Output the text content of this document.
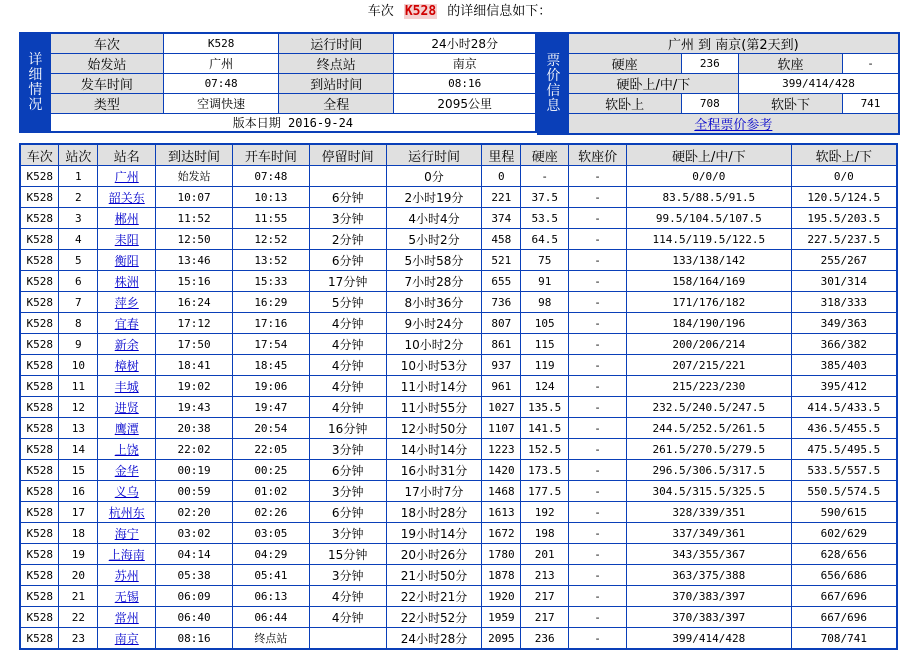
车次 K528 的详细信息如下：
详
细
情
况	车次	K528	运行时间	24小时28分
	始发站	广州	终点站	南京
	发车时间	07:48	到站时间	08:16
	类型	空调快速	全程	2095公里
	版本日期 2016-9-24			
票
价
信
息	广州 到 南京(第2天到)			
	硬座	236	软座	-
	硬卧上/中/下		399/414/428	
	软卧上	708	软卧下	741
	全程票价参考			
车次	站次	站名	到达时间	开车时间	停留时间	运行时间	里程	硬座	软座价	硬卧上/中/下	软卧上/下
K528	1	广州	始发站	07:48		0分	0	-	-	0/0/0	0/0
K528	2	韶关东	10:07	10:13	6分钟	2小时19分	221	37.5	-	83.5/88.5/91.5	120.5/124.5
K528	3	郴州	11:52	11:55	3分钟	4小时4分	374	53.5	-	99.5/104.5/107.5	195.5/203.5
K528	4	耒阳	12:50	12:52	2分钟	5小时2分	458	64.5	-	114.5/119.5/122.5	227.5/237.5
K528	5	衡阳	13:46	13:52	6分钟	5小时58分	521	75	-	133/138/142	255/267
K528	6	株洲	15:16	15:33	17分钟	7小时28分	655	91	-	158/164/169	301/314
K528	7	萍乡	16:24	16:29	5分钟	8小时36分	736	98	-	171/176/182	318/333
K528	8	宜春	17:12	17:16	4分钟	9小时24分	807	105	-	184/190/196	349/363
K528	9	新余	17:50	17:54	4分钟	10小时2分	861	115	-	200/206/214	366/382
K528	10	樟树	18:41	18:45	4分钟	10小时53分	937	119	-	207/215/221	385/403
K528	11	丰城	19:02	19:06	4分钟	11小时14分	961	124	-	215/223/230	395/412
K528	12	进贤	19:43	19:47	4分钟	11小时55分	1027	135.5	-	232.5/240.5/247.5	414.5/433.5
K528	13	鹰潭	20:38	20:54	16分钟	12小时50分	1107	141.5	-	244.5/252.5/261.5	436.5/455.5
K528	14	上饶	22:02	22:05	3分钟	14小时14分	1223	152.5	-	261.5/270.5/279.5	475.5/495.5
K528	15	金华	00:19	00:25	6分钟	16小时31分	1420	173.5	-	296.5/306.5/317.5	533.5/557.5
K528	16	义乌	00:59	01:02	3分钟	17小时7分	1468	177.5	-	304.5/315.5/325.5	550.5/574.5
K528	17	杭州东	02:20	02:26	6分钟	18小时28分	1613	192	-	328/339/351	590/615
K528	18	海宁	03:02	03:05	3分钟	19小时14分	1672	198	-	337/349/361	602/629
K528	19	上海南	04:14	04:29	15分钟	20小时26分	1780	201	-	343/355/367	628/656
K528	20	苏州	05:38	05:41	3分钟	21小时50分	1878	213	-	363/375/388	656/686
K528	21	无锡	06:09	06:13	4分钟	22小时21分	1920	217	-	370/383/397	667/696
K528	22	常州	06:40	06:44	4分钟	22小时52分	1959	217	-	370/383/397	667/696
K528	23	南京	08:16	终点站		24小时28分	2095	236	-	399/414/428	708/741
